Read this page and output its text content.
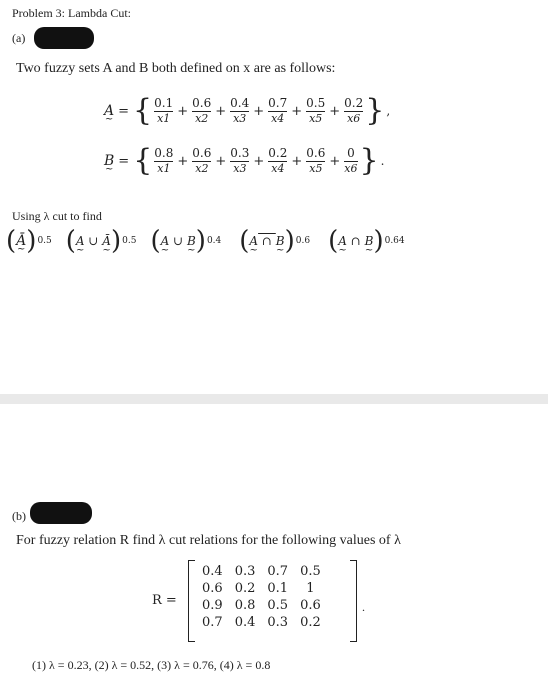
Problem 3: Lambda Cut:
(a)
Two fuzzy sets A and B both defined on x are as follows:
A ~ = { $\frac{0.1}{x1} + \frac{0.6}{x2} + \frac{0.4}{x3} + \frac{0.7}{x4} + \frac{0.5}{x5} + \frac{0.2}{x6}$ } ,
B ~ = { $\frac{0.8}{x1} + \frac{0.6}{x2} + \frac{0.3}{x3} + \frac{0.2}{x4} + \frac{0.6}{x5} + \frac{0}{x6}$ } .
Using λ cut to find
( Ā ~ ) 0.5 ( A ~ ∪ Ā ~ ) 0.5 ( A ~ ∪ B ~ ) 0.4 ( A ~ ∩ B ~ ) 0.6 ( A ~ ∩ B ~ ) 0.64
(b)
For fuzzy relation R find λ cut relations for the following values of λ
R =	.
0.4	0.3	0.7	0.5
0.6	0.2	0.1	1
0.9	0.8	0.5	0.6
0.7	0.4	0.3	0.2
(1) λ = 0.23, (2) λ = 0.52, (3) λ = 0.76, (4) λ = 0.8
